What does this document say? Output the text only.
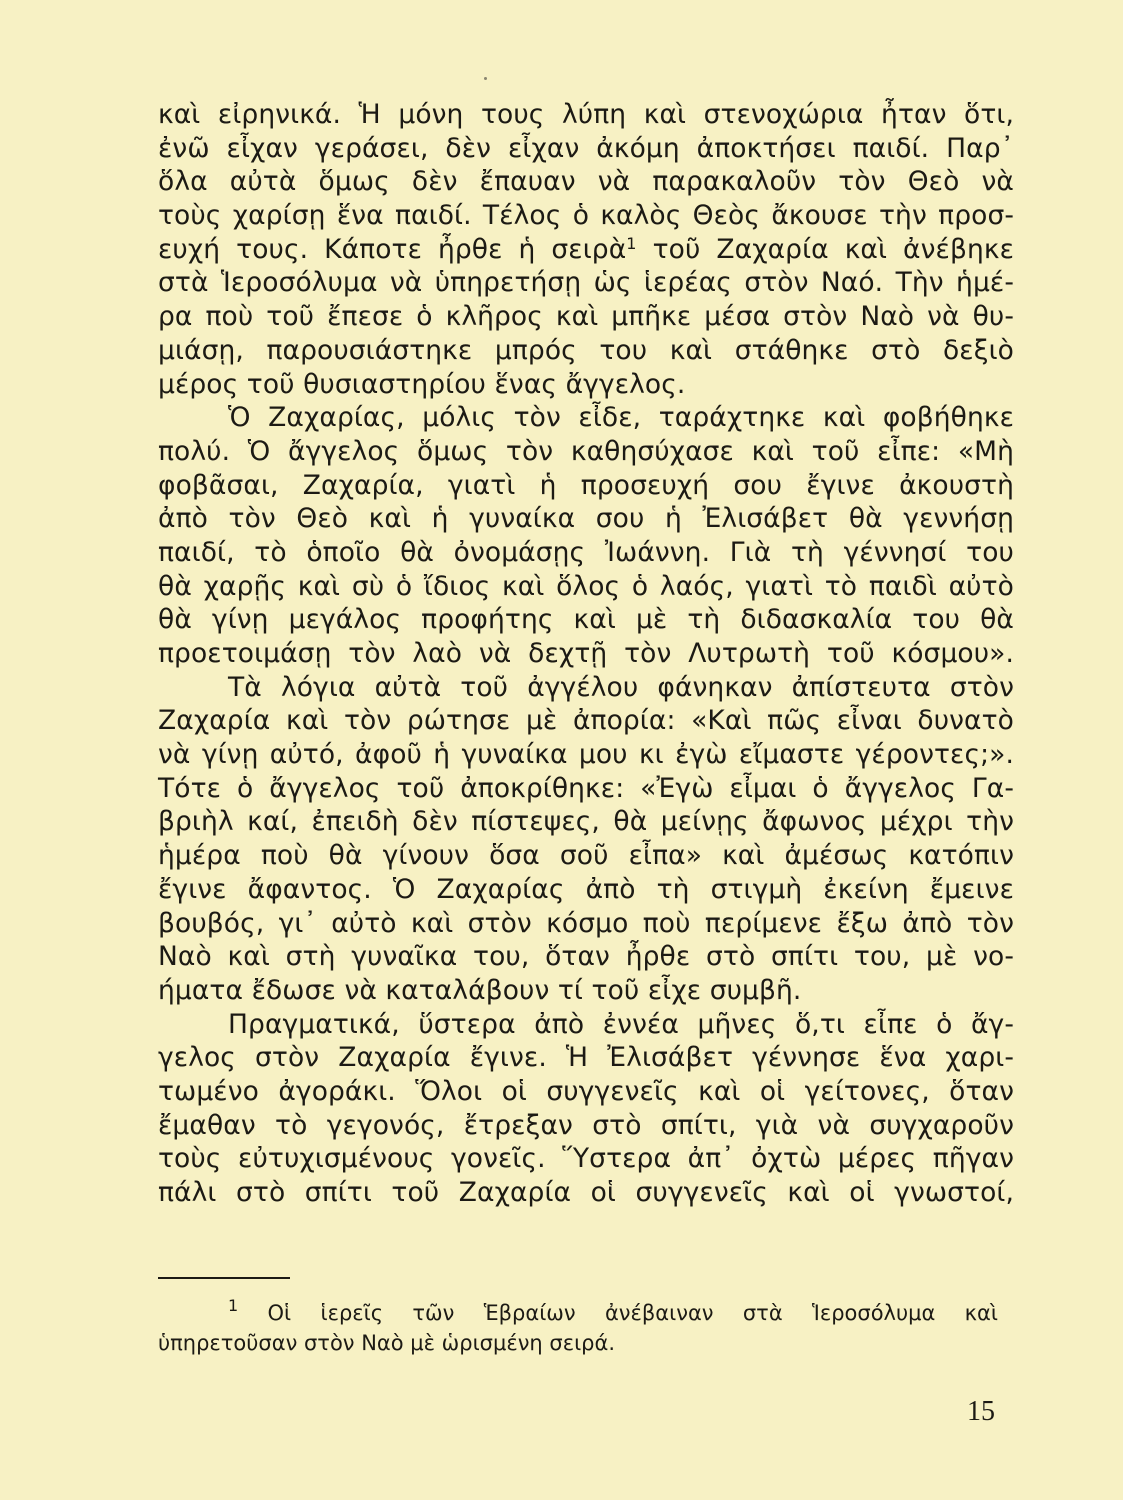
καὶ εἰρηνικά. Ἡ μόνη τους λύπη καὶ στενοχώρια ἦταν ὅτι,
ἐνῶ εἶχαν γεράσει, δὲν εἶχαν ἀκόμη ἀποκτήσει παιδί. Παρ᾽
ὅλα αὐτὰ ὅμως δὲν ἔπαυαν νὰ παρακαλοῦν τὸν Θεὸ νὰ
τοὺς χαρίσῃ ἕνα παιδί. Τέλος ὁ καλὸς Θεὸς ἄκουσε τὴν προσ-
ευχή τους. Κάποτε ἦρθε ἡ σειρὰ$^1$ τοῦ Ζαχαρία καὶ ἀνέβηκε
στὰ Ἱεροσόλυμα νὰ ὑπηρετήσῃ ὡς ἱερέας στὸν Ναό. Τὴν ἡμέ-
ρα ποὺ τοῦ ἔπεσε ὁ κλῆρος καὶ μπῆκε μέσα στὸν Ναὸ νὰ θυ-
μιάσῃ, παρουσιάστηκε μπρός του καὶ στάθηκε στὸ δεξιὸ
μέρος τοῦ θυσιαστηρίου ἕνας ἄγγελος.
Ὁ Ζαχαρίας, μόλις τὸν εἶδε, ταράχτηκε καὶ φοβήθηκε
πολύ. Ὁ ἄγγελος ὅμως τὸν καθησύχασε καὶ τοῦ εἶπε: «Μὴ
φοβᾶσαι, Ζαχαρία, γιατὶ ἡ προσευχή σου ἔγινε ἀκουστὴ
ἀπὸ τὸν Θεὸ καὶ ἡ γυναίκα σου ἡ Ἐλισάβετ θὰ γεννήσῃ
παιδί, τὸ ὁποῖο θὰ ὀνομάσῃς Ἰωάννη. Γιὰ τὴ γέννησί του
θὰ χαρῇς καὶ σὺ ὁ ἴδιος καὶ ὅλος ὁ λαός, γιατὶ τὸ παιδὶ αὐτὸ
θὰ γίνῃ μεγάλος προφήτης καὶ μὲ τὴ διδασκαλία του θὰ
προετοιμάσῃ τὸν λαὸ νὰ δεχτῇ τὸν Λυτρωτὴ τοῦ κόσμου».
Τὰ λόγια αὐτὰ τοῦ ἀγγέλου φάνηκαν ἀπίστευτα στὸν
Ζαχαρία καὶ τὸν ρώτησε μὲ ἀπορία: «Καὶ πῶς εἶναι δυνατὸ
νὰ γίνῃ αὐτό, ἀφοῦ ἡ γυναίκα μου κι ἐγὼ εἴμαστε γέροντες;».
Τότε ὁ ἄγγελος τοῦ ἀποκρίθηκε: «Ἐγὼ εἶμαι ὁ ἄγγελος Γα-
βριὴλ καί, ἐπειδὴ δὲν πίστεψες, θὰ μείνῃς ἄφωνος μέχρι τὴν
ἡμέρα ποὺ θὰ γίνουν ὅσα σοῦ εἶπα» καὶ ἀμέσως κατόπιν
ἔγινε ἄφαντος. Ὁ Ζαχαρίας ἀπὸ τὴ στιγμὴ ἐκείνη ἔμεινε
βουβός, γι᾽ αὐτὸ καὶ στὸν κόσμο ποὺ περίμενε ἔξω ἀπὸ τὸν
Ναὸ καὶ στὴ γυναῖκα του, ὅταν ἦρθε στὸ σπίτι του, μὲ νο-
ήματα ἔδωσε νὰ καταλάβουν τί τοῦ εἶχε συμβῆ.
Πραγματικά, ὕστερα ἀπὸ ἐννέα μῆνες ὅ,τι εἶπε ὁ ἄγ-
γελος στὸν Ζαχαρία ἔγινε. Ἡ Ἐλισάβετ γέννησε ἕνα χαρι-
τωμένο ἀγοράκι. Ὅλοι οἱ συγγενεῖς καὶ οἱ γείτονες, ὅταν
ἔμαθαν τὸ γεγονός, ἔτρεξαν στὸ σπίτι, γιὰ νὰ συγχαροῦν
τοὺς εὐτυχισμένους γονεῖς. Ὕστερα ἀπ᾽ ὀχτὼ μέρες πῆγαν
πάλι στὸ σπίτι τοῦ Ζαχαρία οἱ συγγενεῖς καὶ οἱ γνωστοί,
$^1$ Οἱ ἱερεῖς τῶν Ἑβραίων ἀνέβαιναν στὰ Ἱεροσόλυμα καὶ
ὑπηρετοῦσαν στὸν Ναὸ μὲ ὡρισμένη σειρά.
15
